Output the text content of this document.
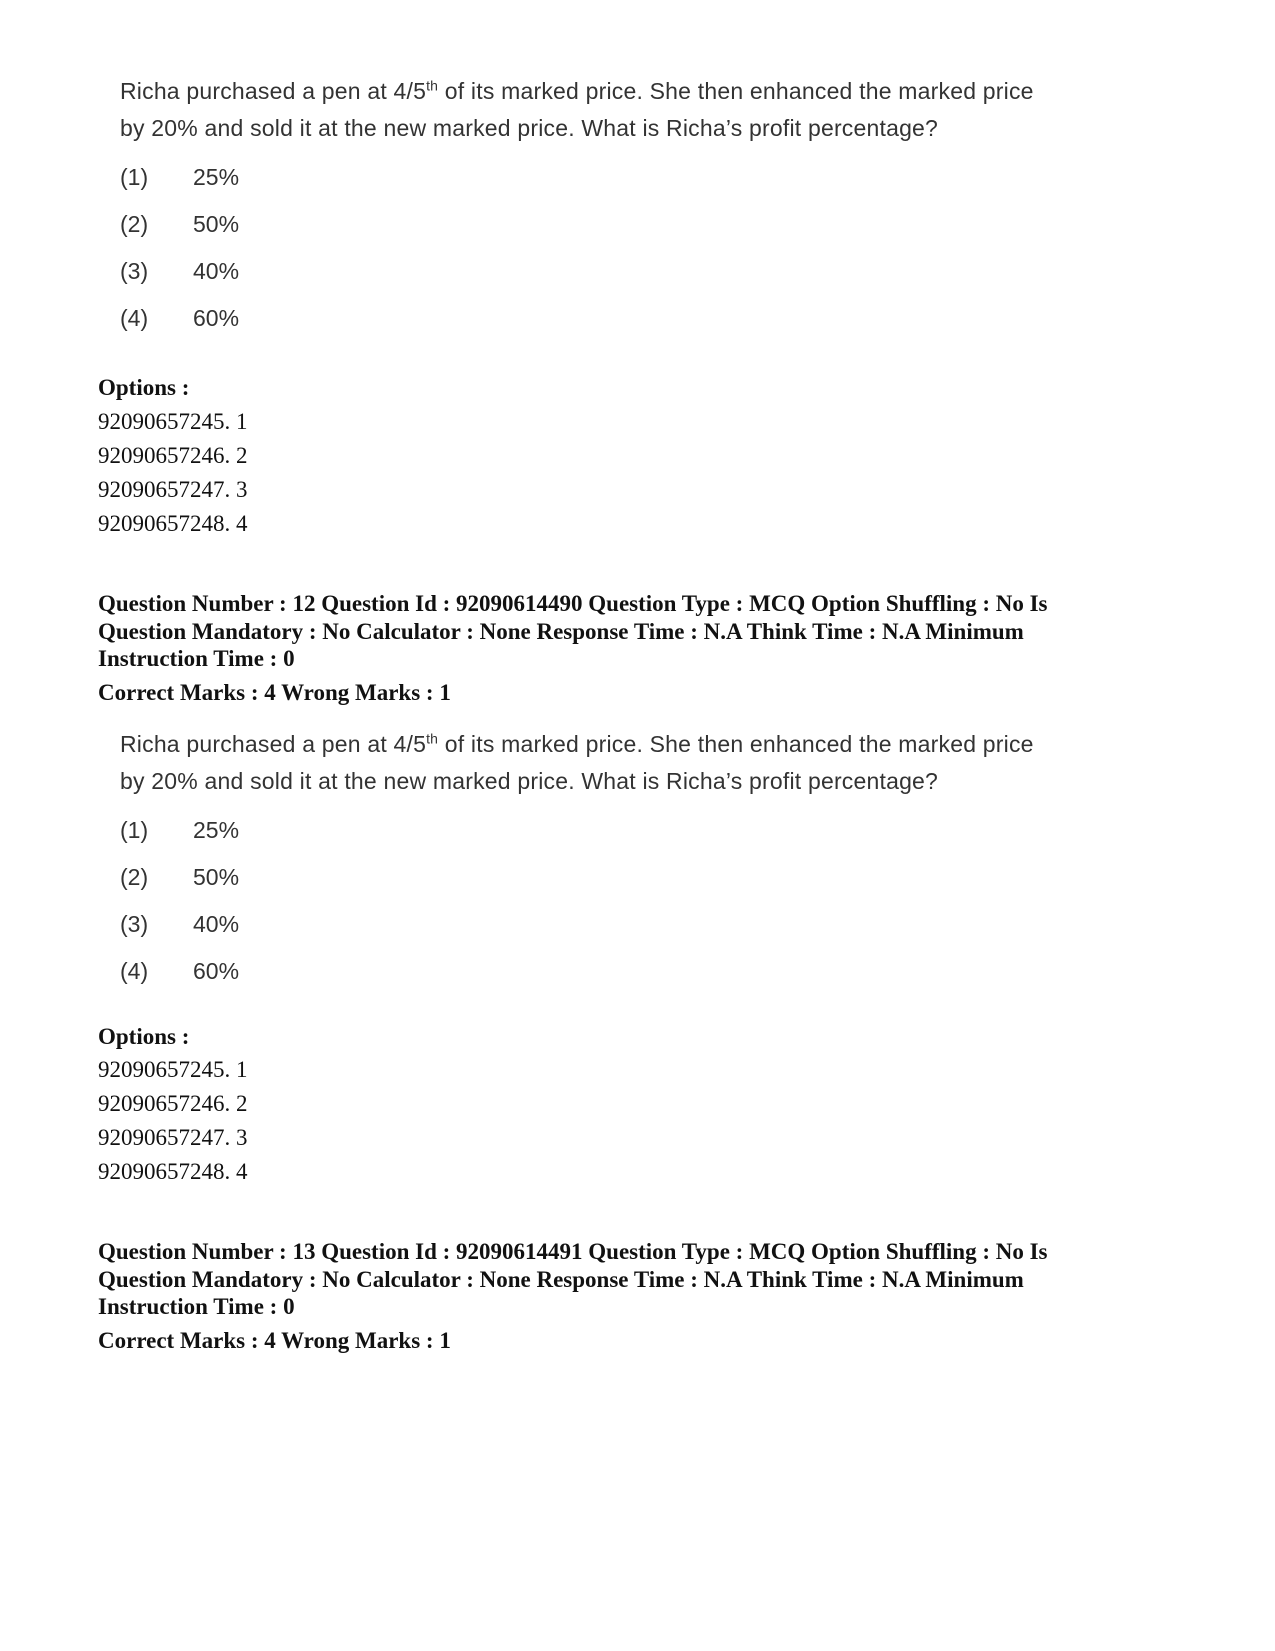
Richa purchased a pen at 4/5th of its marked price. She then enhanced the marked price
by 20% and sold it at the new marked price. What is Richa’s profit percentage?
(1)	25%
(2)	50%
(3)	40%
(4)	60%
Options :
92090657245. 1
92090657246. 2
92090657247. 3
92090657248. 4
Question Number : 12 Question Id : 92090614490 Question Type : MCQ Option Shuffling : No Is
Question Mandatory : No Calculator : None Response Time : N.A Think Time : N.A Minimum
Instruction Time : 0
Correct Marks : 4 Wrong Marks : 1
Richa purchased a pen at 4/5th of its marked price. She then enhanced the marked price
by 20% and sold it at the new marked price. What is Richa’s profit percentage?
(1)	25%
(2)	50%
(3)	40%
(4)	60%
Options :
92090657245. 1
92090657246. 2
92090657247. 3
92090657248. 4
Question Number : 13 Question Id : 92090614491 Question Type : MCQ Option Shuffling : No Is
Question Mandatory : No Calculator : None Response Time : N.A Think Time : N.A Minimum
Instruction Time : 0
Correct Marks : 4 Wrong Marks : 1
